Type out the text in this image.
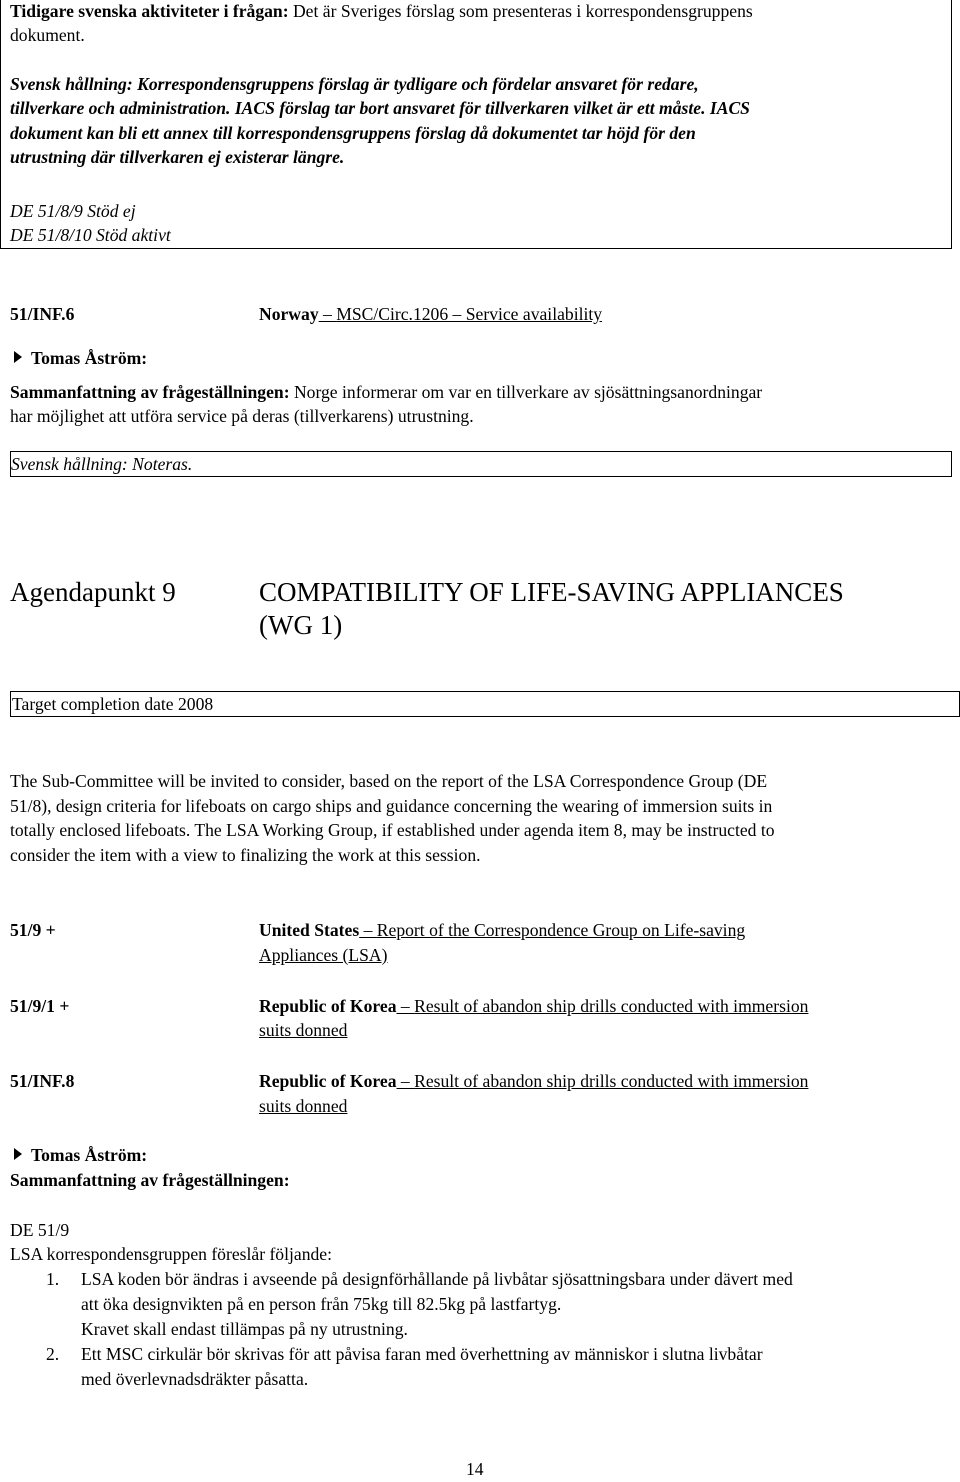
Tidigare svenska aktiviteter i frågan: Det är Sveriges förslag som presenteras i korrespondensgruppens
dokument.
Svensk hållning: Korrespondensgruppens förslag är tydligare och fördelar ansvaret för redare,
tillverkare och administration. IACS förslag tar bort ansvaret för tillverkaren vilket är ett måste. IACS
dokument kan bli ett annex till korrespondensgruppens förslag då dokumentet tar höjd för den
utrustning där tillverkaren ej existerar längre.
DE 51/8/9 Stöd ej
DE 51/8/10 Stöd aktivt
51/INF.6	Norway – MSC/Circ.1206 – Service availability
Tomas Åström:
Sammanfattning av frågeställningen: Norge informerar om var en tillverkare av sjösättningsanordningar
har möjlighet att utföra service på deras (tillverkarens) utrustning.
Svensk hållning: Noteras.
Agendapunkt 9	COMPATIBILITY OF LIFE-SAVING APPLIANCES
(WG 1)
Target completion date 2008
The Sub-Committee will be invited to consider, based on the report of the LSA Correspondence Group (DE
51/8), design criteria for lifeboats on cargo ships and guidance concerning the wearing of immersion suits in
totally enclosed lifeboats. The LSA Working Group, if established under agenda item 8, may be instructed to
consider the item with a view to finalizing the work at this session.
51/9 +	United States – Report of the Correspondence Group on Life-saving
Appliances (LSA)
51/9/1 +	Republic of Korea – Result of abandon ship drills conducted with immersion
suits donned
51/INF.8	Republic of Korea – Result of abandon ship drills conducted with immersion
suits donned
Tomas Åström:
Sammanfattning av frågeställningen:
DE 51/9
LSA korrespondensgruppen föreslår följande:
1. LSA koden bör ändras i avseende på designförhållande på livbåtar sjösattningsbara under dävert med
att öka designvikten på en person från 75kg till 82.5kg på lastfartyg.
Kravet skall endast tillämpas på ny utrustning.
2. Ett MSC cirkulär bör skrivas för att påvisa faran med överhettning av människor i slutna livbåtar
med överlevnadsdräkter påsatta.
14
